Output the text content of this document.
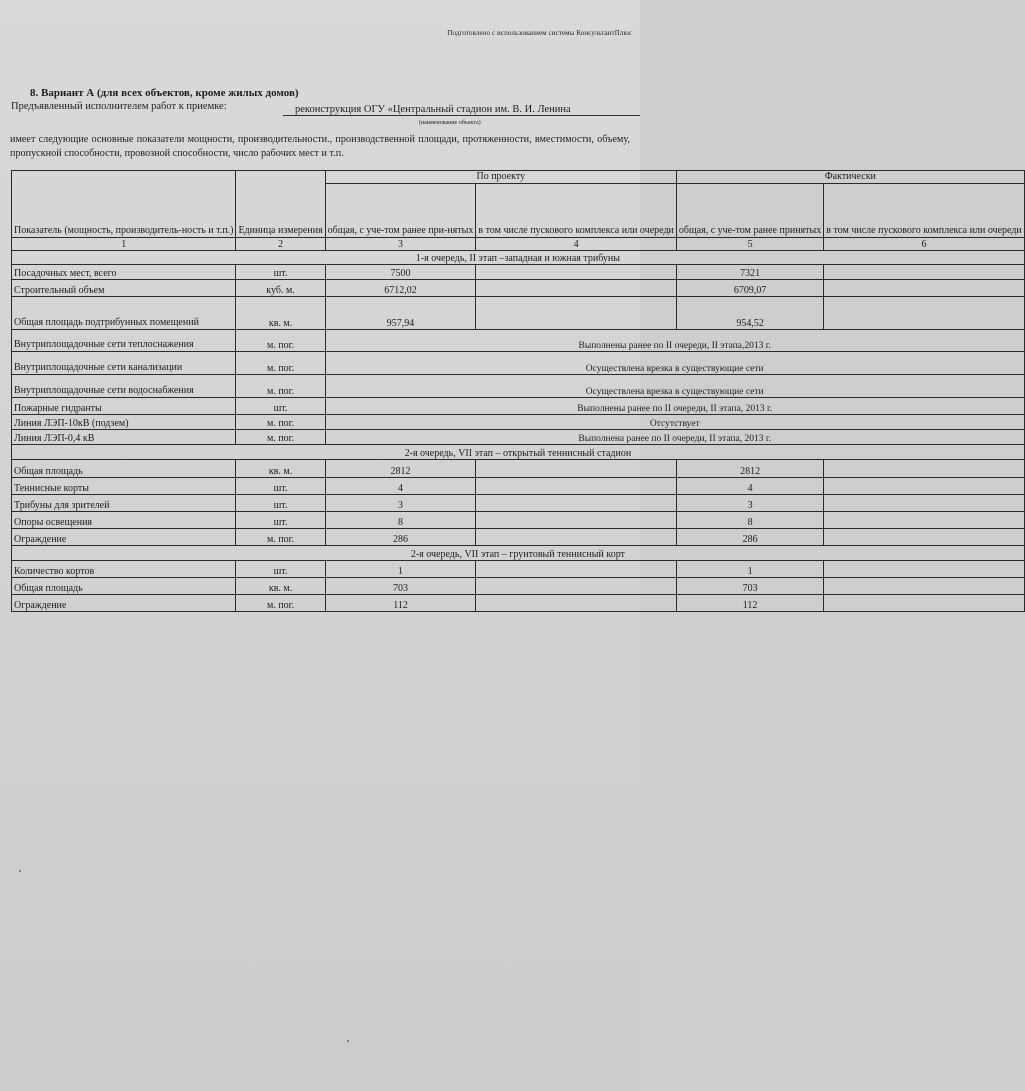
Подготовлено с использованием системы КонсультантПлюс
8. Вариант А (для всех объектов, кроме жилых домов)
Предъявленный исполнителем работ к приемке:	реконструкция ОГУ «Центральный стадион им. В. И. Ленина
(наименование объекта)
имеет следующие основные показатели мощности, производительности., производственной площади, протяженности, вместимости, объему, пропускной способности, провозной способности, число рабочих мест и т.п.
Показатель (мощность, производитель-ность и т.п.)	Единица измерения	По проекту		Фактически	
		общая, с уче-том ранее при-нятых	в том числе пускового комплекса или очереди	общая, с уче-том ранее принятых	в том числе пускового комплекса или очереди
1	2	3	4	5	6
1-я очередь, II этап –западная и южная трибуны					
Посадочных мест, всего	шт.	7500		7321	
Строительный объем	куб. м.	6712,02		6709,07	
Общая площадь подтрибунных помещений	кв. м.	957,94		954,52	
Внутриплощадочные сети теплоснажения	м. пог.	Выполнены ранее по II очереди, II этапа,2013 г.			
Внутриплощадочные сети канализации	м. пог.	Осуществлена врезка в существующие сети			
Внутриплощадочные сети водоснабжения	м. пог.	Осуществлена врезка в существующие сети			
Пожарные гидранты	шт.	Выполнены ранее по II очереди, II этапа, 2013 г.			
Линия ЛЭП-10кВ (подзем)	м. пог.	Отсутствует			
Линия ЛЭП-0,4 кВ	м. пог.	Выполнена ранее по II очереди, II этапа, 2013 г.			
2-я очередь, VII этап – открытый теннисный стадион					
Общая площадь	кв. м.	2812		2812	
Теннисные корты	шт.	4		4	
Трибуны для зрителей	шт.	3		3	
Опоры освещения	шт.	8		8	
Ограждение	м. пог.	286		286	
2-я очередь, VII этап – грунтовый теннисный корт					
Количество кортов	шт.	1		1	
Общая площадь	кв. м.	703		703	
Ограждение	м. пог.	112		112	
